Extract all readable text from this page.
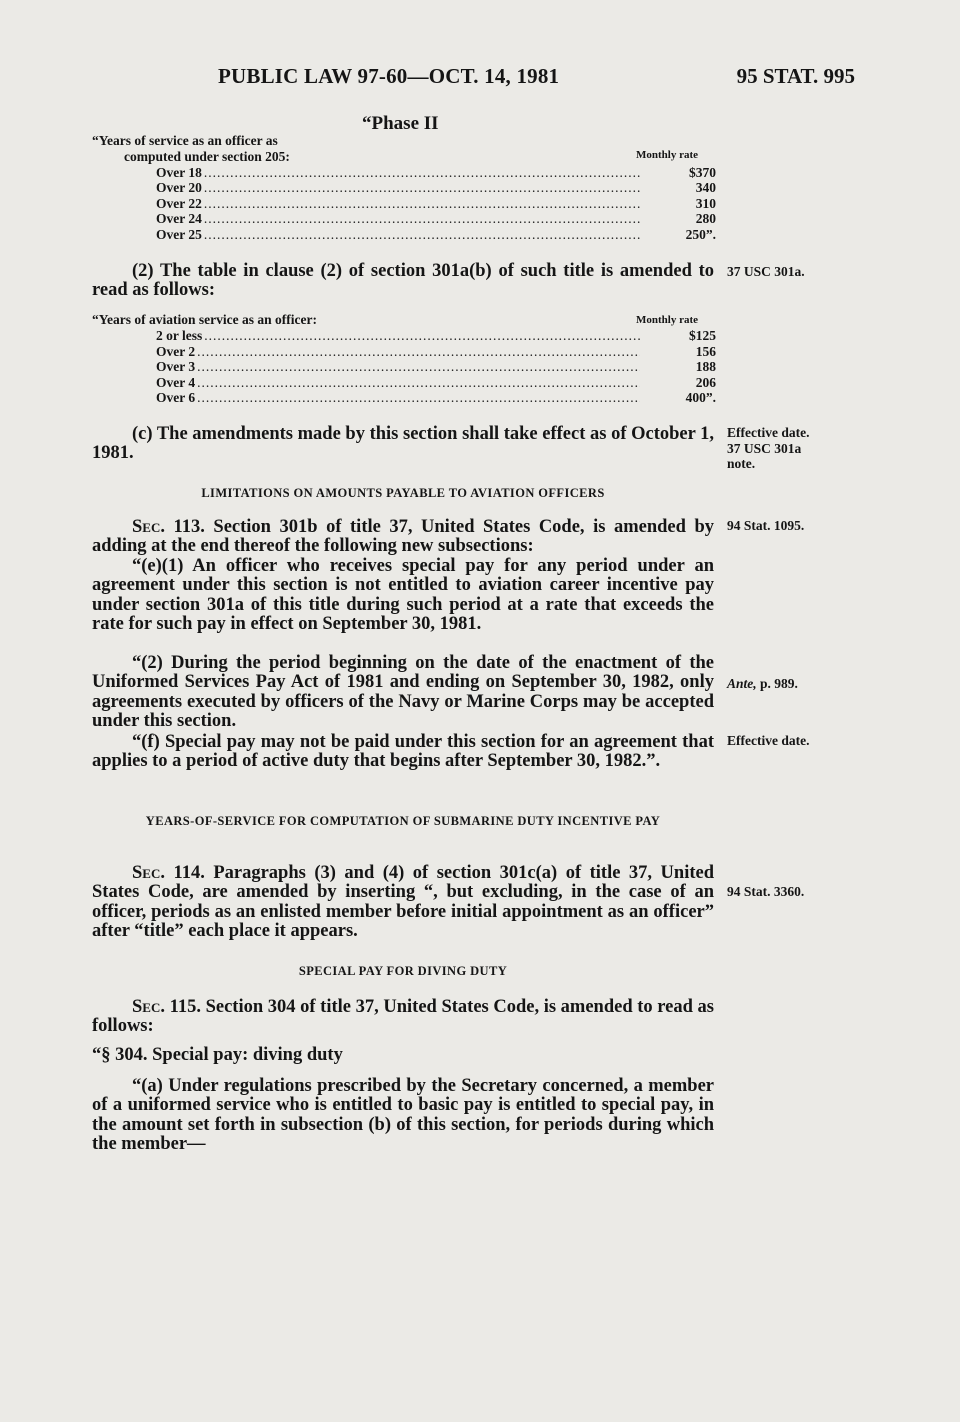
PUBLIC LAW 97-60—OCT. 14, 1981	95 STAT. 995
“Phase II
“Years of service as an officer as
computed under section 205:	Monthly rate
Over 18 .....	$370
Over 20 .....	340
Over 22 .....	310
Over 24 .....	280
Over 25 .....	250”.
(2) The table in clause (2) of section 301a(b) of such title is amended to read as follows:
37 USC 301a.
“Years of aviation service as an officer:	Monthly rate
2 or less .....	$125
Over 2 .....	156
Over 3 .....	188
Over 4 .....	206
Over 6 .....	400”.
(c) The amendments made by this section shall take effect as of October 1, 1981.
Effective date.
37 USC 301a
note.
LIMITATIONS ON AMOUNTS PAYABLE TO AVIATION OFFICERS
Sec. 113. Section 301b of title 37, United States Code, is amended by adding at the end thereof the following new subsections:
94 Stat. 1095.
“(e)(1) An officer who receives special pay for any period under an agreement under this section is not entitled to aviation career incentive pay under section 301a of this title during such period at a rate that exceeds the rate for such pay in effect on September 30, 1981.
“(2) During the period beginning on the date of the enactment of the Uniformed Services Pay Act of 1981 and ending on September 30, 1982, only agreements executed by officers of the Navy or Marine Corps may be accepted under this section.
Ante, p. 989.
“(f) Special pay may not be paid under this section for an agreement that applies to a period of active duty that begins after September 30, 1982.”.
Effective date.
YEARS-OF-SERVICE FOR COMPUTATION OF SUBMARINE DUTY INCENTIVE PAY
Sec. 114. Paragraphs (3) and (4) of section 301c(a) of title 37, United States Code, are amended by inserting “, but excluding, in the case of an officer, periods as an enlisted member before initial appointment as an officer” after “title” each place it appears.
94 Stat. 3360.
SPECIAL PAY FOR DIVING DUTY
Sec. 115. Section 304 of title 37, United States Code, is amended to read as follows:
“§ 304. Special pay: diving duty
“(a) Under regulations prescribed by the Secretary concerned, a member of a uniformed service who is entitled to basic pay is entitled to special pay, in the amount set forth in subsection (b) of this section, for periods during which the member—
